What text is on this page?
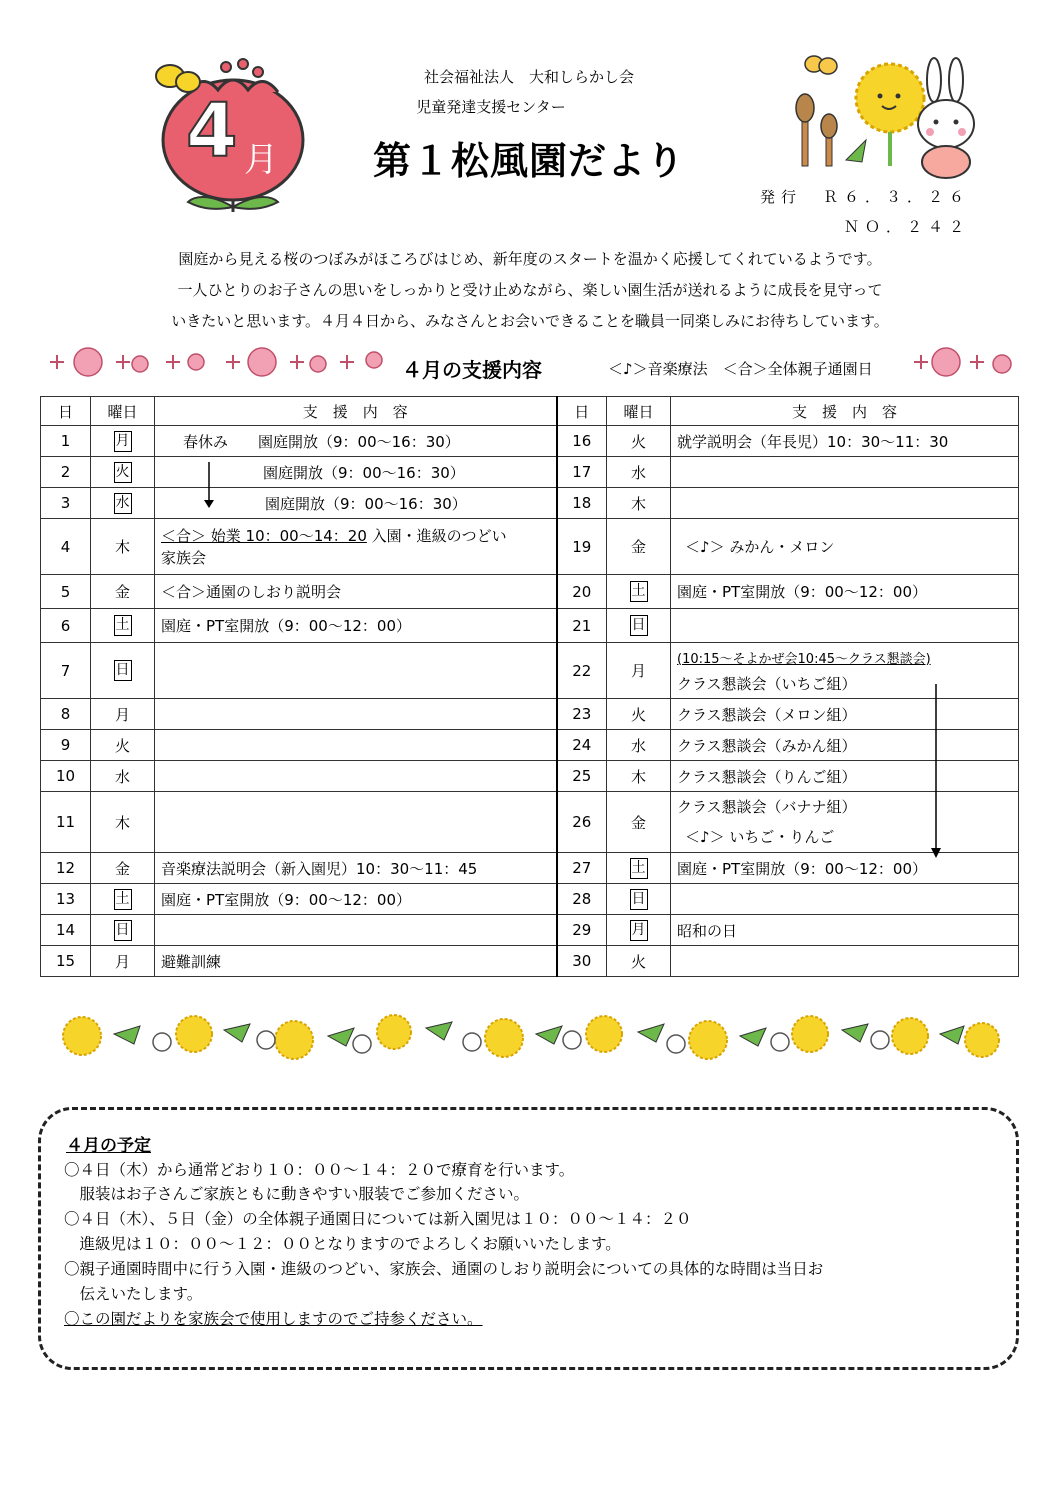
4 月
社会福祉法人　大和しらかし会
児童発達支援センター
第１松風園だより
発行　Ｒ６．３．２６
ＮＯ．２４２
園庭から見える桜のつぼみがほころびはじめ、新年度のスタートを温かく応援してくれているようです。
一人ひとりのお子さんの思いをしっかりと受け止めながら、楽しい園生活が送れるように成長を見守って
いきたいと思います。４月４日から、みなさんとお会いできることを職員一同楽しみにお待ちしています。
４月の支援内容	＜♪＞音楽療法　＜合＞全体親子通園日
日	曜日	支　援　内　容	日	曜日	支　援　内　容
1	月	春休み　　園庭開放（9：00～16：30）	16	火	就学説明会（年長児）10：30～11：30
2	火	園庭開放（9：00～16：30）	17	水	
3	水	園庭開放（9：00～16：30）	18	木	
4	木	＜合＞ 始業 10：00～14：20 入園・進級のつどい
家族会	19	金	＜♪＞ みかん・メロン
5	金	＜合＞通園のしおり説明会	20	土	園庭・PT室開放（9：00～12：00）
6	土	園庭・PT室開放（9：00～12：00）	21	日	
7	日		22	月	(10:15～そよかぜ会10:45～クラス懇談会)
クラス懇談会（いちご組）
8	月		23	火	クラス懇談会（メロン組）
9	火		24	水	クラス懇談会（みかん組）
10	水		25	木	クラス懇談会（りんご組）
11	木		26	金	クラス懇談会（バナナ組）
＜♪＞ いちご・りんご
12	金	音楽療法説明会（新入園児）10：30～11：45	27	土	園庭・PT室開放（9：00～12：00）
13	土	園庭・PT室開放（9：00～12：00）	28	日	
14	日		29	月	昭和の日
15	月	避難訓練	30	火	
４月の予定
〇４日（木）から通常どおり１０：００～１４：２０で療育を行います。
　服装はお子さんご家族ともに動きやすい服装でご参加ください。
〇４日（木）、５日（金）の全体親子通園日については新入園児は１０：００～１４：２０
　進級児は１０：００～１２：００となりますのでよろしくお願いいたします。
〇親子通園時間中に行う入園・進級のつどい、家族会、通園のしおり説明会についての具体的な時間は当日お
　伝えいたします。
〇この園だよりを家族会で使用しますのでご持参ください。
